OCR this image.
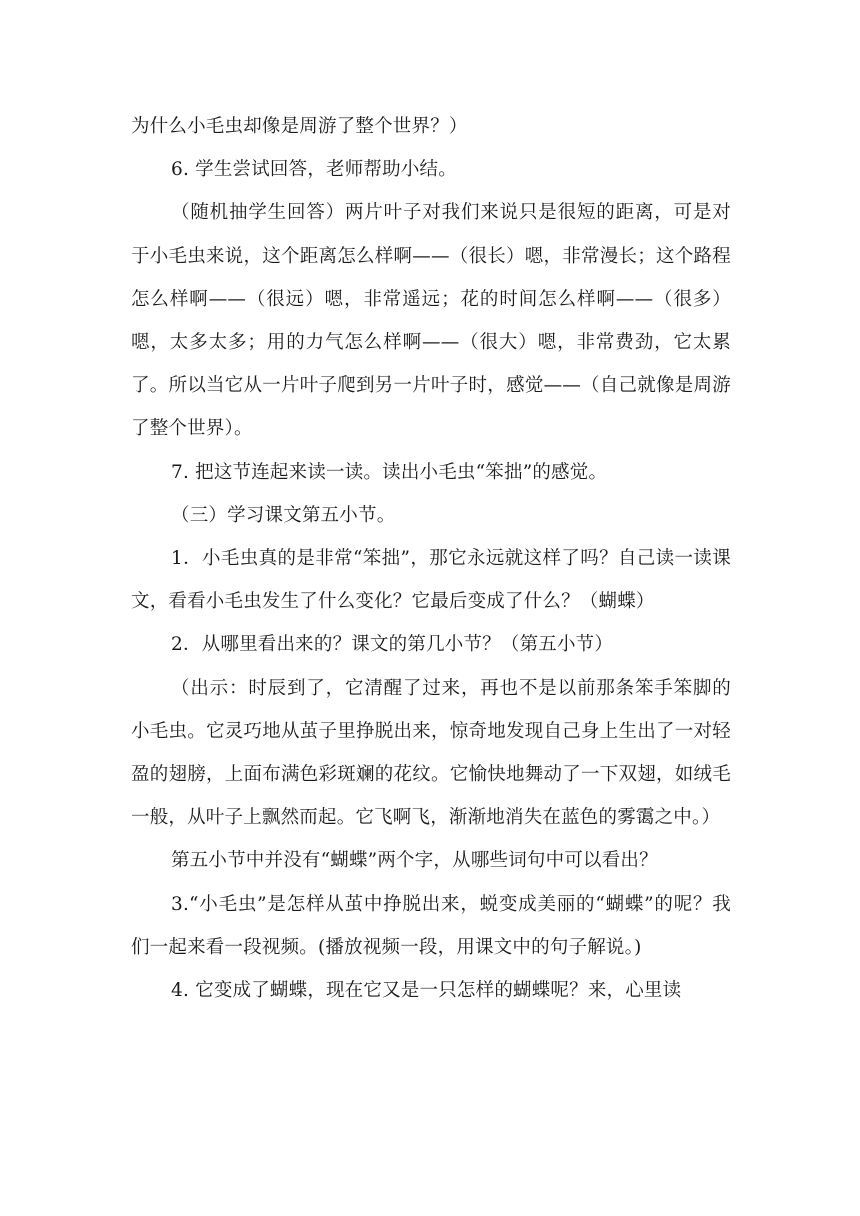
为什么小毛虫却像是周游了整个世界？）

6. 学生尝试回答，老师帮助小结。

（随机抽学生回答）两片叶子对我们来说只是很短的距离，可是对于小毛虫来说，这个距离怎么样啊——（很长）嗯，非常漫长；这个路程怎么样啊——（很远）嗯，非常遥远；花的时间怎么样啊——（很多）嗯，太多太多；用的力气怎么样啊——（很大）嗯，非常费劲，它太累了。所以当它从一片叶子爬到另一片叶子时，感觉——（自己就像是周游了整个世界）。

7. 把这节连起来读一读。读出小毛虫“笨拙”的感觉。

（三）学习课文第五小节。

1．小毛虫真的是非常“笨拙”，那它永远就这样了吗？自己读一读课文，看看小毛虫发生了什么变化？它最后变成了什么？（蝴蝶）

2．从哪里看出来的？课文的第几小节？（第五小节）

（出示：时辰到了，它清醒了过来，再也不是以前那条笨手笨脚的小毛虫。它灵巧地从茧子里挣脱出来，惊奇地发现自己身上生出了一对轻盈的翅膀，上面布满色彩斑斓的花纹。它愉快地舞动了一下双翅，如绒毛一般，从叶子上飘然而起。它飞啊飞，渐渐地消失在蓝色的雾霭之中。）

第五小节中并没有“蝴蝶”两个字，从哪些词句中可以看出？

3.“小毛虫”是怎样从茧中挣脱出来，蜕变成美丽的“蝴蝶”的呢？我们一起来看一段视频。(播放视频一段，用课文中的句子解说。)

4. 它变成了蝴蝶，现在它又是一只怎样的蝴蝶呢？来，心里读
